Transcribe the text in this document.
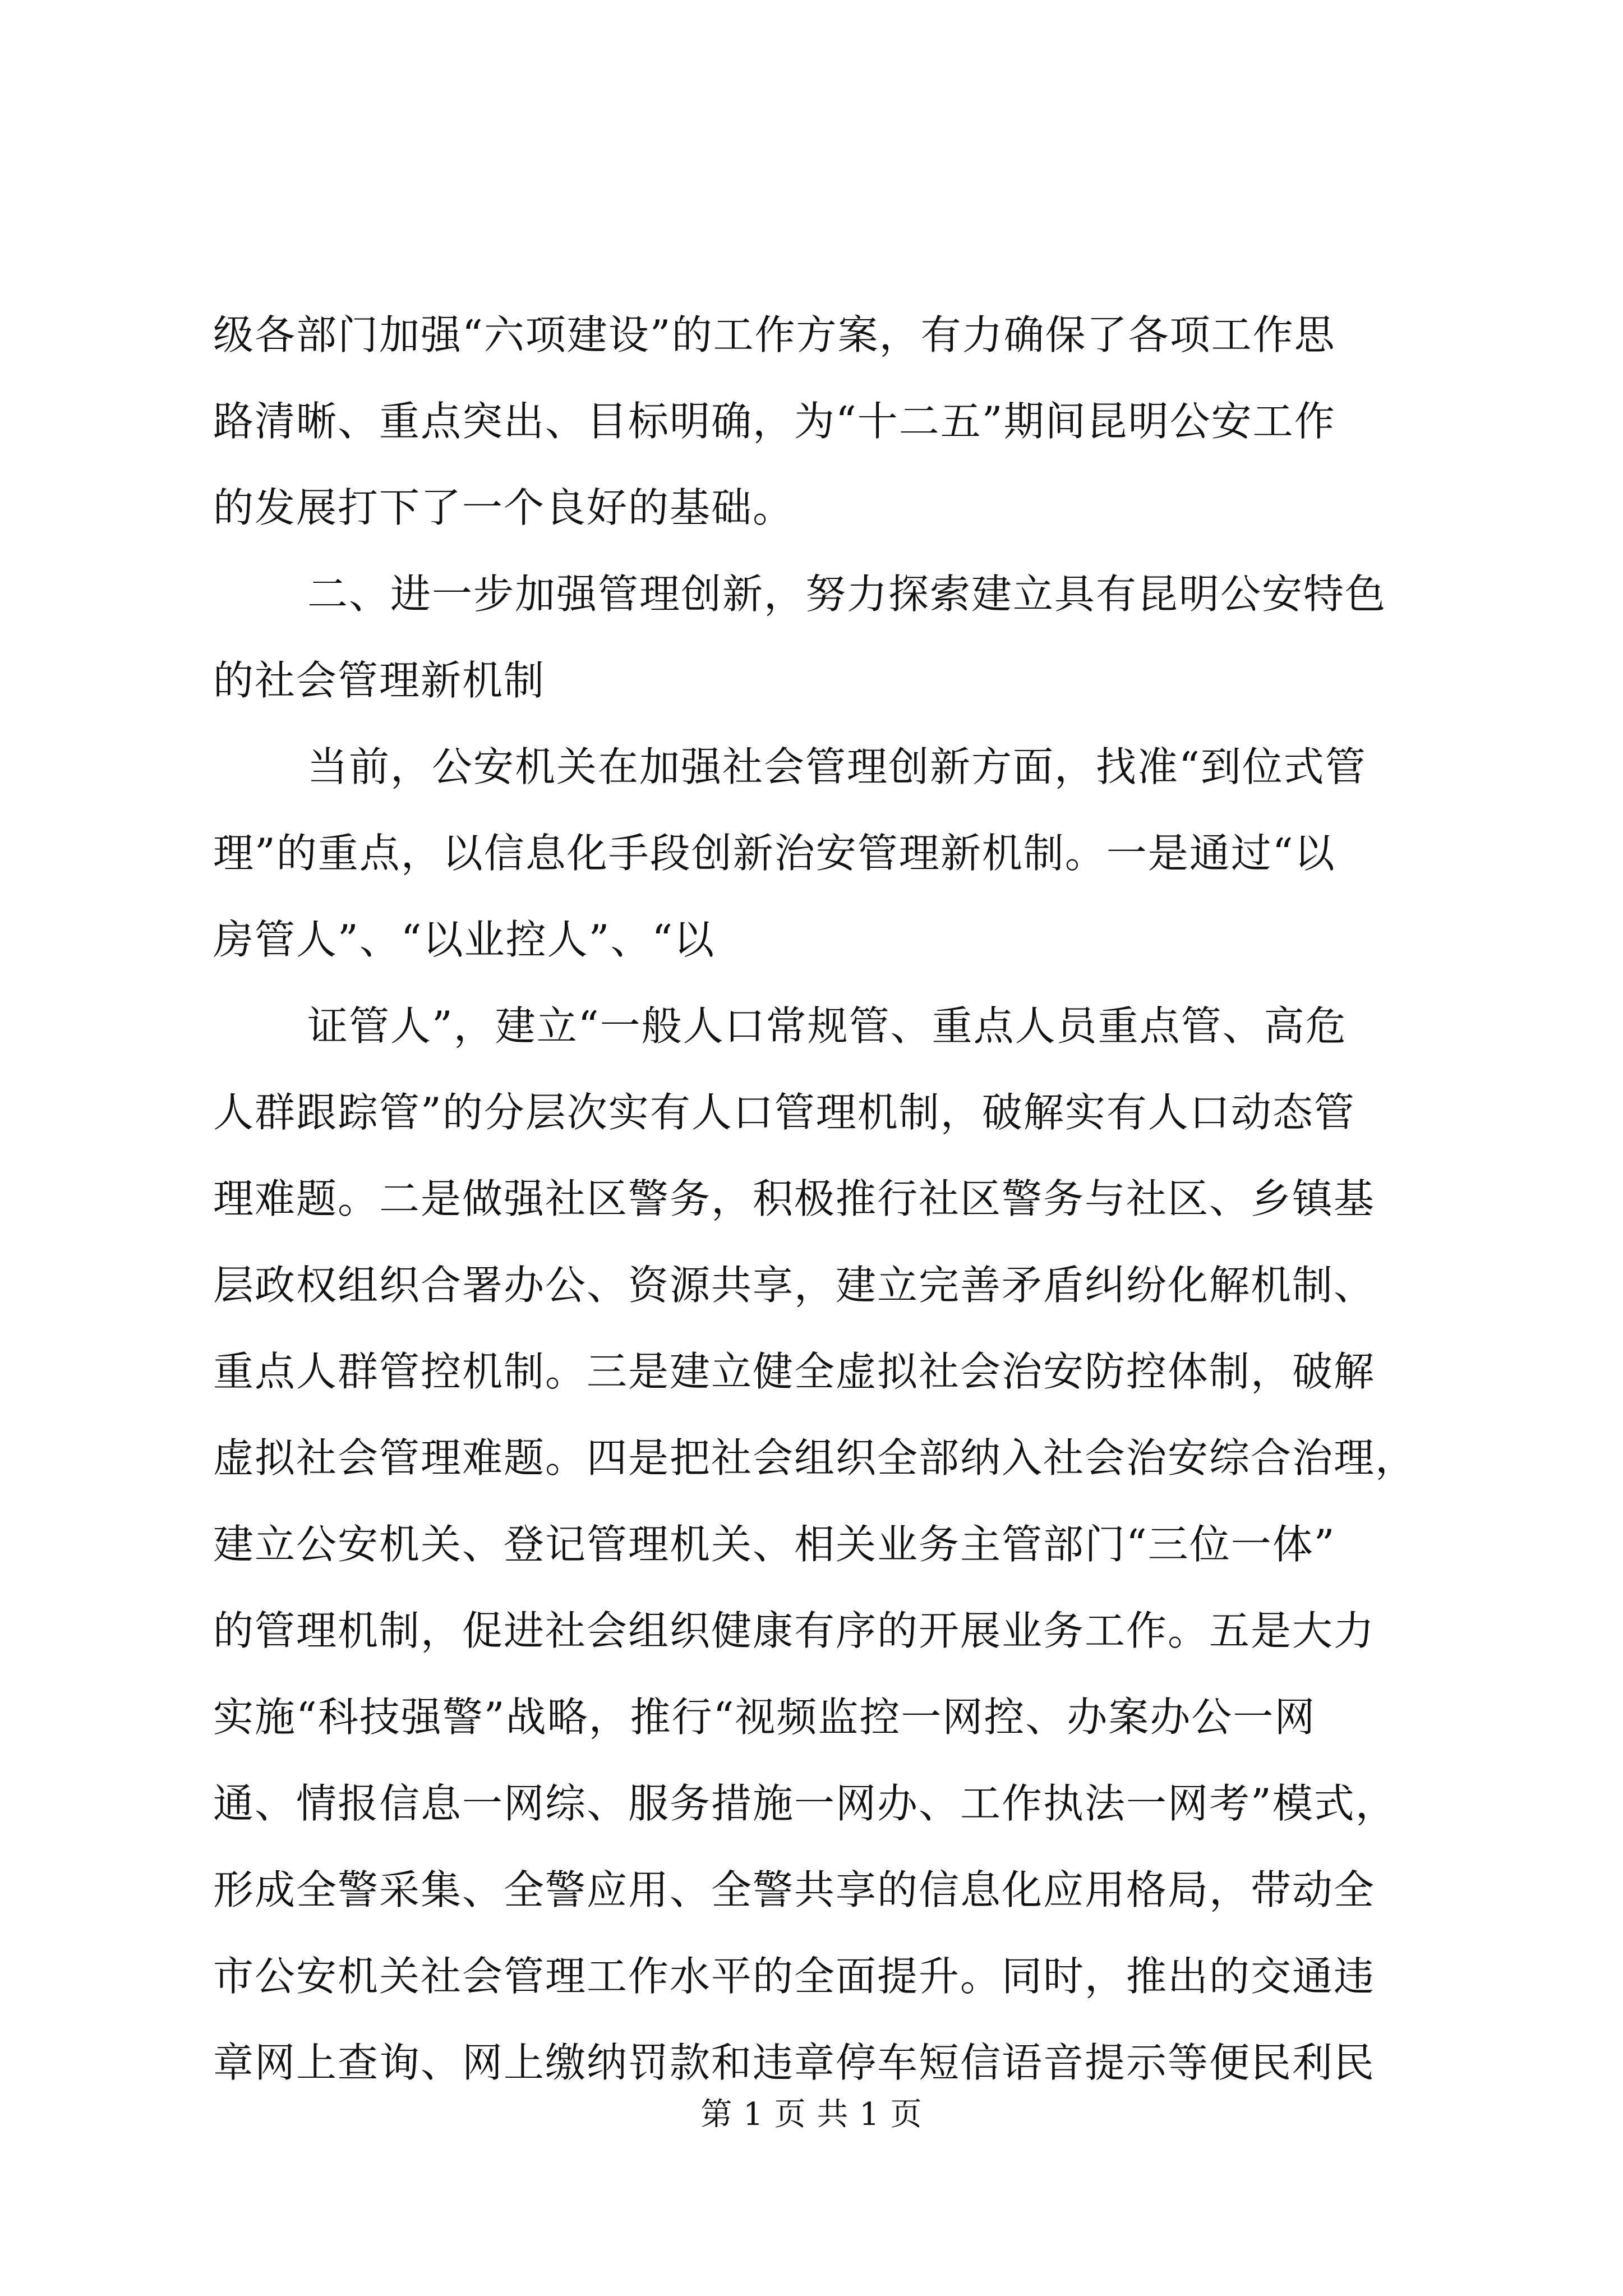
级各部门加强“六项建设”的工作方案，有力确保了各项工作思
路清晰、重点突出、目标明确，为“十二五”期间昆明公安工作
的发展打下了一个良好的基础。
二、进一步加强管理创新，努力探索建立具有昆明公安特色
的社会管理新机制
当前，公安机关在加强社会管理创新方面，找准“到位式管
理”的重点，以信息化手段创新治安管理新机制。一是通过“以
房管人”、“以业控人”、“以
证管人”，建立“一般人口常规管、重点人员重点管、高危
人群跟踪管”的分层次实有人口管理机制，破解实有人口动态管
理难题。二是做强社区警务，积极推行社区警务与社区、乡镇基
层政权组织合署办公、资源共享，建立完善矛盾纠纷化解机制、
重点人群管控机制。三是建立健全虚拟社会治安防控体制，破解
虚拟社会管理难题。四是把社会组织全部纳入社会治安综合治理，
建立公安机关、登记管理机关、相关业务主管部门“三位一体”
的管理机制，促进社会组织健康有序的开展业务工作。五是大力
实施“科技强警”战略，推行“视频监控一网控、办案办公一网
通、情报信息一网综、服务措施一网办、工作执法一网考”模式，
形成全警采集、全警应用、全警共享的信息化应用格局，带动全
市公安机关社会管理工作水平的全面提升。同时，推出的交通违
章网上查询、网上缴纳罚款和违章停车短信语音提示等便民利民
第 1 页 共 1 页
